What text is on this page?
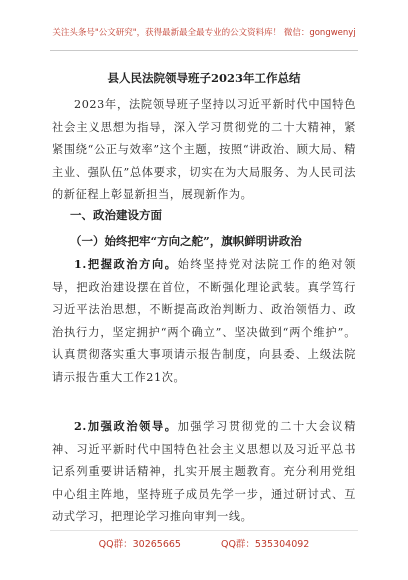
关注头条号"公文研究"，获得最新最全最专业的公文资料库！ 微信：gongwenyj
县人民法院领导班子2023年工作总结
2023年，法院领导班子坚持以习近平新时代中国特色社会主义思想为指导，深入学习贯彻党的二十大精神，紧紧围绕“公正与效率”这个主题，按照“讲政治、顾大局、精主业、强队伍”总体要求，切实在为大局服务、为人民司法的新征程上彰显新担当，展现新作为。
一、政治建设方面
（一）始终把牢“方向之舵”，旗帜鲜明讲政治
1.把握政治方向。始终坚持党对法院工作的绝对领导，把政治建设摆在首位，不断强化理论武装。真学笃行习近平法治思想，不断提高政治判断力、政治领悟力、政治执行力，坚定拥护“两个确立”、坚决做到“两个维护”。认真贯彻落实重大事项请示报告制度，向县委、上级法院请示报告重大工作21次。
2.加强政治领导。加强学习贯彻党的二十大会议精神、习近平新时代中国特色社会主义思想以及习近平总书记系列重要讲话精神，扎实开展主题教育。充分利用党组中心组主阵地，坚持班子成员先学一步，通过研讨式、互动式学习，把理论学习推向审判一线。
QQ群：30265665	QQ群：535304092
